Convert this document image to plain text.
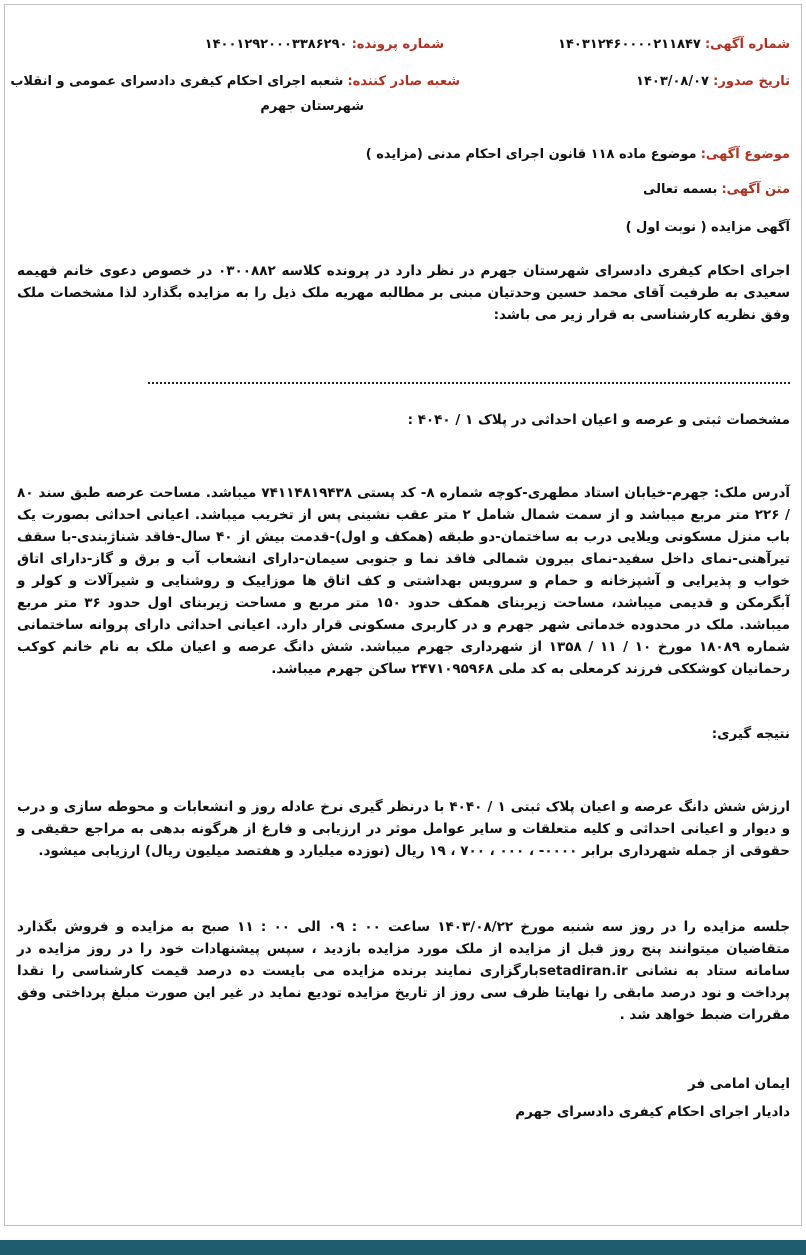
شماره آگهی: ۱۴۰۳۱۲۴۶۰۰۰۰۲۱۱۸۴۷
شماره پرونده: ۱۴۰۰۱۲۹۲۰۰۰۳۳۸۶۲۹۰
تاریخ صدور: ۱۴۰۳/۰۸/۰۷
شعبه صادر کننده: شعبه اجرای احکام کیفری دادسرای عمومی و انقلاب
شهرستان جهرم
موضوع آگهی: موضوع ماده ۱۱۸ قانون اجرای احکام مدنی (مزایده )
متن آگهی: بسمه تعالی
آگهی مزایده ( نوبت اول )
اجرای احکام کیفری دادسرای شهرستان جهرم در نظر دارد در پرونده کلاسه ۰۳۰۰۸۸۲ در خصوص دعوی خانم فهیمه سعیدی به طرفیت آقای محمد حسین وحدتیان مبنی بر مطالبه مهریه ملک ذیل را به مزایده بگذارد لذا مشخصات ملک وفق نظریه کارشناسی به قرار زیر می باشد:
مشخصات ثبتی و عرصه و اعیان احداثی در پلاک ۱ / ۴۰۴۰ :
آدرس ملک: جهرم-خیابان استاد مطهری-کوچه شماره ۸- کد پستی ۷۴۱۱۴۸۱۹۴۳۸ میباشد. مساحت عرصه طبق سند ۸۰ / ۲۲۶ متر مربع میباشد و از سمت شمال شامل ۲ متر عقب نشینی پس از تخریب میباشد. اعیانی احداثی بصورت یک باب منزل مسکونی ویلایی درب به ساختمان-دو طبقه (همکف و اول)-قدمت بیش از ۴۰ سال-فاقد شناژبندی-با سقف تیرآهنی-نمای داخل سفید-نمای بیرون شمالی فاقد نما و جنوبی سیمان-دارای انشعاب آب و برق و گاز-دارای اتاق خواب و پذیرایی و آشپزخانه و حمام و سرویس بهداشتی و کف اتاق ها موزاییک و روشنایی و شیرآلات و کولر و آبگرمکن و قدیمی میباشد، مساحت زیربنای همکف حدود ۱۵۰ متر مربع و مساحت زیربنای اول حدود ۳۶ متر مربع میباشد. ملک در محدوده خدماتی شهر جهرم و در کاربری مسکونی قرار دارد. اعیانی احداثی دارای پروانه ساختمانی شماره ۱۸۰۸۹ مورخ ۱۰ / ۱۱ / ۱۳۵۸ از شهرداری جهرم میباشد. شش دانگ عرصه و اعیان ملک به نام خانم کوکب رحمانیان کوشککی فرزند کرمعلی به کد ملی ۲۴۷۱۰۹۵۹۶۸ ساکن جهرم میباشد.
نتیجه گیری:
ارزش شش دانگ عرصه و اعیان پلاک ثبتی ۱ / ۴۰۴۰ با درنظر گیری نرخ عادله روز و انشعابات و محوطه سازی و درب و دیوار و اعیانی احداثی و کلیه متعلقات و سایر عوامل موثر در ارزیابی و فارغ از هرگونه بدهی به مراجع حقیقی و حقوقی از جمله شهرداری برابر ۰۰۰۰- ، ۰۰۰ ، ۷۰۰ ، ۱۹ ریال (نوزده میلیارد و هفتصد میلیون ریال) ارزیابی میشود.
جلسه مزایده را در روز سه شنبه مورخ ۱۴۰۳/۰۸/۲۲ ساعت ۰۰ : ۰۹ الی ۰۰ : ۱۱ صبح به مزایده و فروش بگذارد متقاضیان میتوانند پنج روز قبل از مزایده از ملک مورد مزایده بازدید ، سپس پیشنهادات خود را در روز مزایده در سامانه ستاد به نشانی setadiran.irبارگزاری نمایند برنده مزایده می بایست ده درصد قیمت کارشناسی را نقدا پرداخت و نود درصد مابقی را نهایتا ظرف سی روز از تاریخ مزایده تودیع نماید در غیر این صورت مبلغ پرداختی وفق مقررات ضبط خواهد شد .
ایمان امامی فر
دادیار اجرای احکام کیفری دادسرای جهرم
